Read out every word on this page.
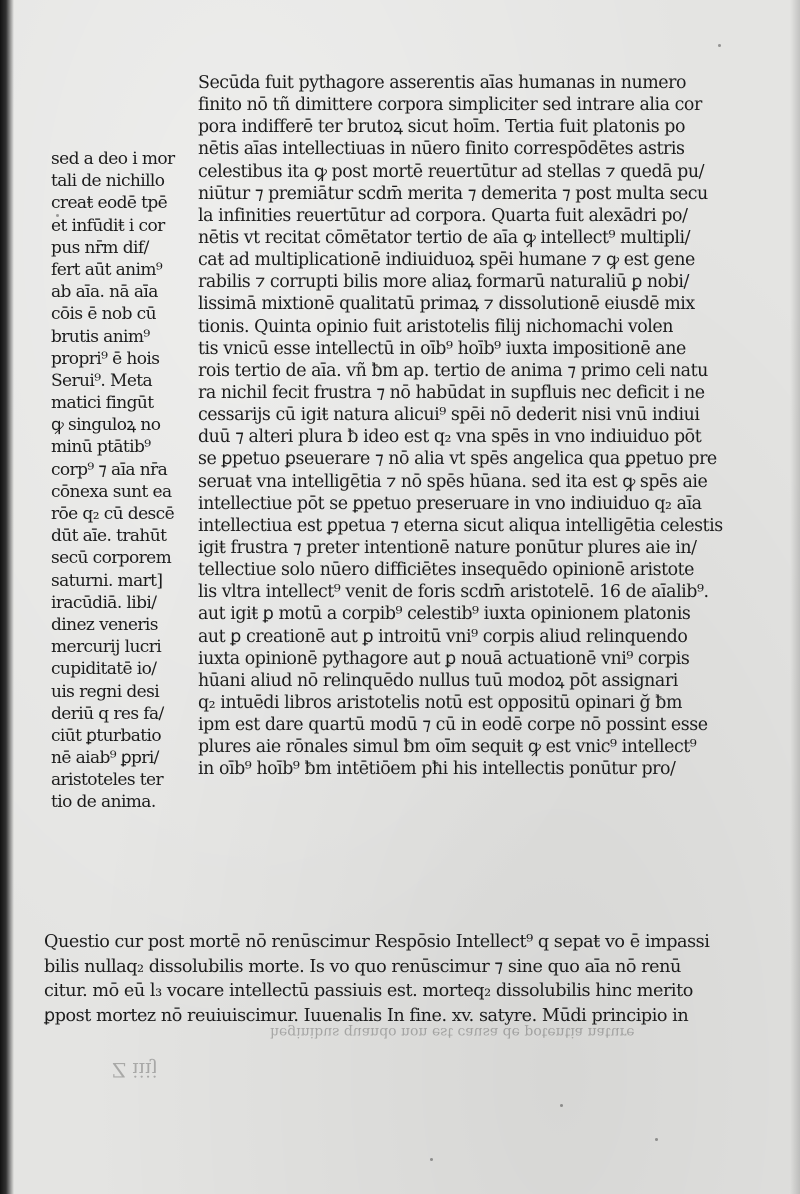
Secūda fuit pythagore asserentis aīas humanas in numero
finito nō tñ dimittere corpora simpliciter sed intrare alia cor
pora indifferē ter brutoꝝ sicut hoīm. Tertia fuit platonis po
nētis aīas intellectiuas in nūero finito correspōdētes astris
celestibus ita ꝙ post mortē reuertūtur ad stellas ⁊ quedā pu/
niūtur ⁊ premiātur scdm̄ merita ⁊ demerita ⁊ post multa secu
la infinities reuertūtur ad corpora. Quarta fuit alexādri po/
nētis vt recitat cōmētator tertio de aīa ꝙ intellect⁹ multipli/
caŧ ad multiplicationē indiuiduoꝝ spēi humane ⁊ ꝙ est gene
rabilis ⁊ corrupti bilis more aliaꝝ formarū naturaliū ꝑ nobi/
lissimā mixtionē qualitatū primaꝝ ⁊ dissolutionē eiusdē mix
tionis. Quinta opinio fuit aristotelis filij nichomachi volen
tis vnicū esse intellectū in oīb⁹ hoīb⁹ iuxta impositionē ane
rois tertio de aīa. vñ ƀm ap. tertio de anima ⁊ primo celi natu
ra nichil fecit frustra ⁊ nō habūdat in supfluis nec deficit i ne
cessarijs cū igiŧ natura alicui⁹ spēi nō dederit nisi vnū indiui
duū ⁊ alteri plura ƀ ideo est q₂ vna spēs in vno indiuiduo pōt
se ꝑpetuo ꝑseuerare ⁊ nō alia vt spēs angelica qua ꝑpetuo pre
seruaŧ vna intelligētia ⁊ nō spēs hūana. sed ita est ꝙ spēs aie
intellectiue pōt se ꝑpetuo preseruare in vno indiuiduo q₂ aīa
intellectiua est ꝑpetua ⁊ eterna sicut aliqua intelligētia celestis
igiŧ frustra ⁊ preter intentionē nature ponūtur plures aie in/
tellectiue solo nūero difficiētes insequēdo opinionē aristote
lis vltra intellect⁹ venit de foris scdm̄ aristotelē. 16 de aīalib⁹.
aut igiŧ ꝑ motū a corpib⁹ celestib⁹ iuxta opinionem platonis
aut ꝑ creationē aut ꝑ introitū vni⁹ corpis aliud relinquendo
iuxta opinionē pythagore aut ꝑ nouā actuationē vni⁹ corpis
hūani aliud nō relinquēdo nullus tuū modoꝝ pōt assignari
q₂ intuēdi libros aristotelis notū est oppositū opinari ğ ƀm
ipm est dare quartū modū ⁊ cū in eodē corpe nō possint esse
plures aie rōnales simul ƀm oīm sequiŧ ꝙ est vnic⁹ intellect⁹
in oīb⁹ hoīb⁹ ƀm intētiōem pħi his intellectis ponūtur pro/
sed a deo i mor
tali de nichillo
creaŧ eodē tpē
et infūdiŧ i cor
pus nr̄m dif/
fert aūt anim⁹
ab aīa. nā aīa
cōis ē nob cū
brutis anim⁹
propri⁹ ē hois
Serui⁹. Meta
matici fingūt
ꝙ singuloꝝ no
minū ptātib⁹
corp⁹ ⁊ aīa nr̄a
cōnexa sunt ea
rōe q₂ cū descē
dūt aīe. trahūt
secū corporem
saturni. mart]
iracūdiā. libi/
dinez veneris
mercurij lucri
cupiditatē io/
uis regni desi
deriū q res fa/
ciūt ꝑturbatio
nē aiab⁹ ꝑpri/
aristoteles ter
tio de anima.
Questio cur post mortē nō renūscimur Respōsio Intellect⁹ q sepaŧ vo ē impassi
bilis nullaq₂ dissolubilis morte. Is vo quo renūscimur ⁊ sine quo aīa nō renū
citur. mō eū l₃ vocare intellectū passiuis est. morteq₂ dissolubilis hinc merito
ꝑpost mortez nō reuiuiscimur. Iuuenalis In fine. xv. satyre. Mūdi principio in
heginibus quando non est causa de potentia nature
Z iiij
